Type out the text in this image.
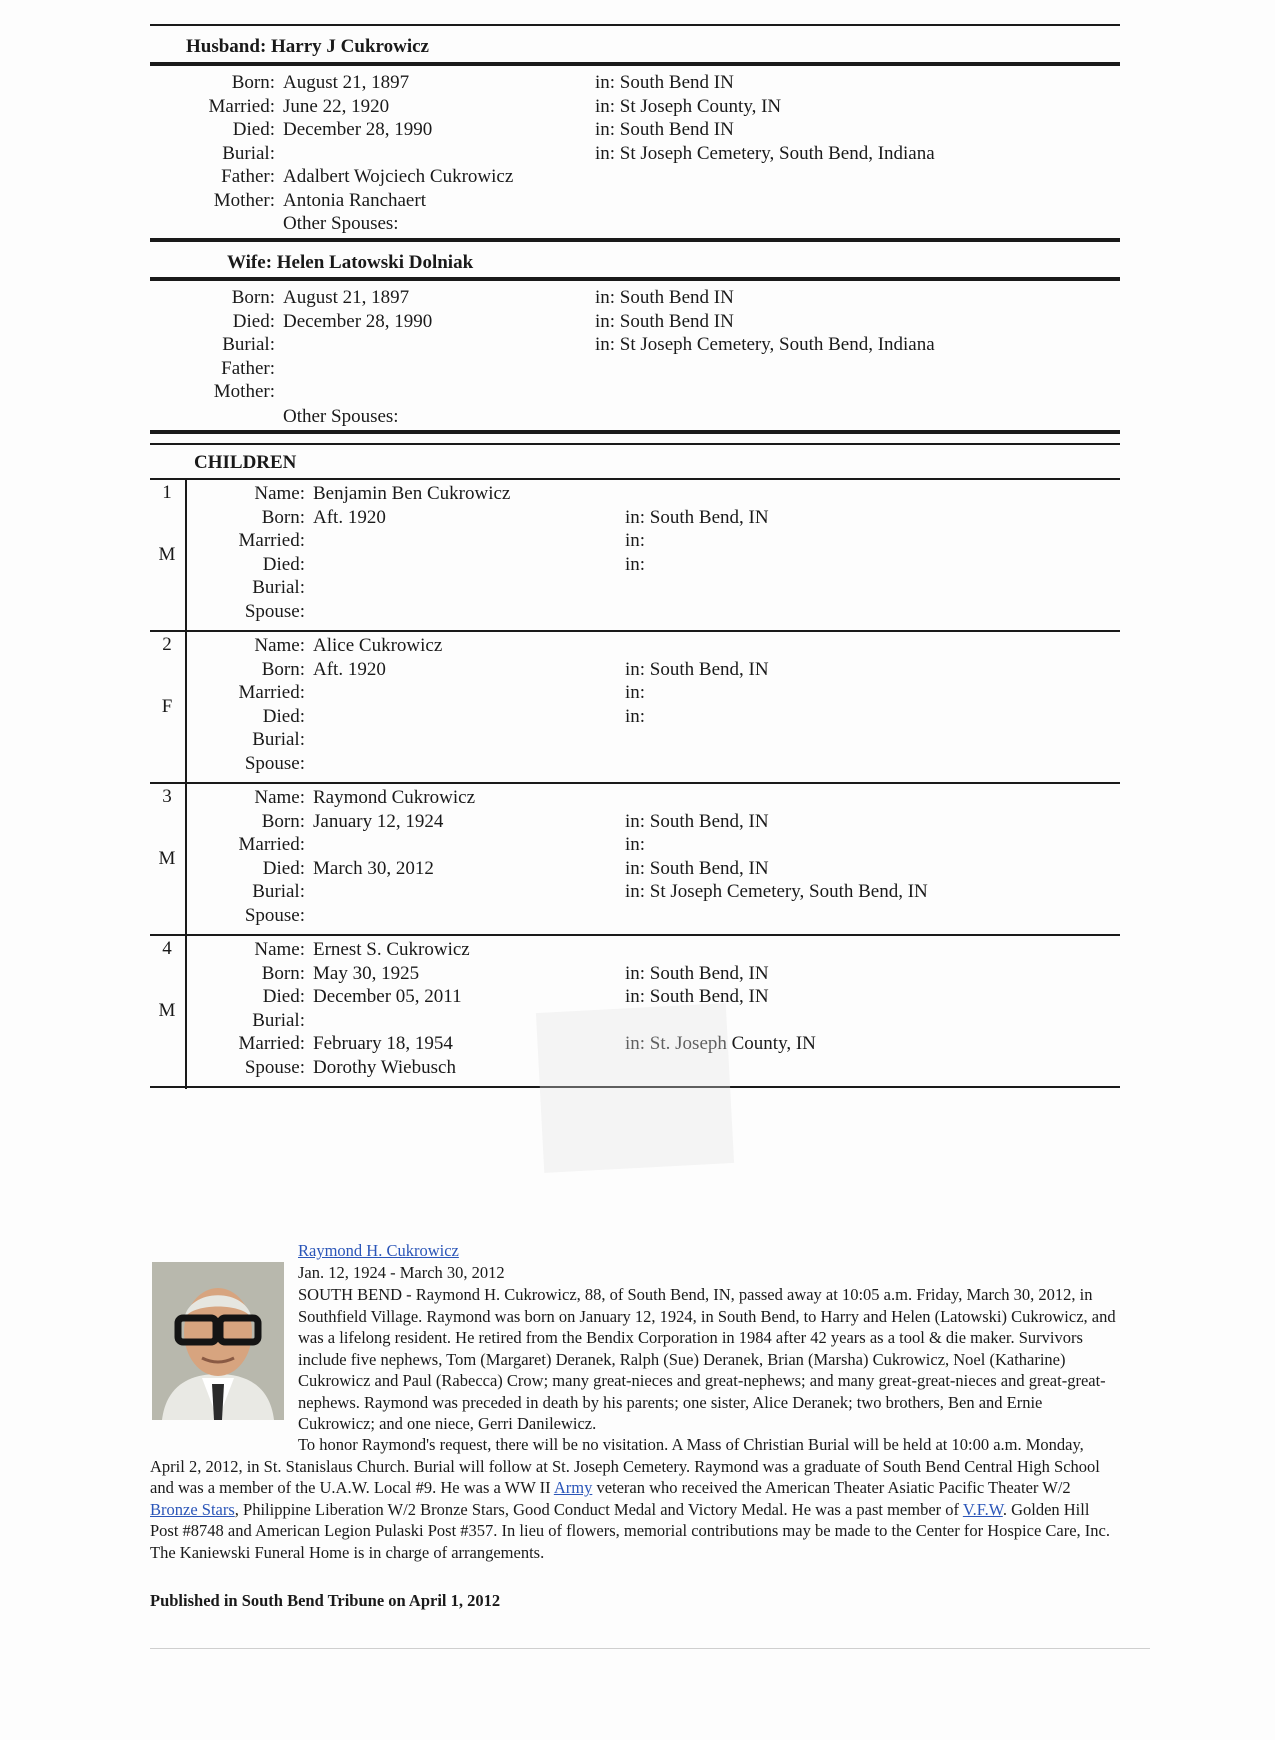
Husband: Harry J Cukrowicz
Born: August 21, 1897	in: South Bend IN
Married: June 22, 1920	in: St Joseph County, IN
Died: December 28, 1990	in: South Bend IN
Burial:	in: St Joseph Cemetery, South Bend, Indiana
Father: Adalbert Wojciech Cukrowicz
Mother: Antonia Ranchaert
Other Spouses:
Wife: Helen Latowski Dolniak
Born: August 21, 1897	in: South Bend IN
Died: December 28, 1990	in: South Bend IN
Burial:	in: St Joseph Cemetery, South Bend, Indiana
Father:
Mother:
Other Spouses:
CHILDREN
1
M
Name: Benjamin Ben Cukrowicz
Born: Aft. 1920	in: South Bend, IN
Married:	in:
Died:	in:
Burial:
Spouse:
2
F
Name: Alice Cukrowicz
Born: Aft. 1920	in: South Bend, IN
Married:	in:
Died:	in:
Burial:
Spouse:
3
M
Name: Raymond Cukrowicz
Born: January 12, 1924	in: South Bend, IN
Married:	in:
Died: March 30, 2012	in: South Bend, IN
Burial:	in: St Joseph Cemetery, South Bend, IN
Spouse:
4
M
Name: Ernest S. Cukrowicz
Born: May 30, 1925	in: South Bend, IN
Died: December 05, 2011	in: South Bend, IN
Burial:
Married: February 18, 1954	in: St. Joseph County, IN
Spouse: Dorothy Wiebusch
Raymond H. Cukrowicz
Jan. 12, 1924 - March 30, 2012
SOUTH BEND - Raymond H. Cukrowicz, 88, of South Bend, IN, passed away at 10:05 a.m. Friday, March 30, 2012, in Southfield Village. Raymond was born on January 12, 1924, in South Bend, to Harry and Helen (Latowski) Cukrowicz, and was a lifelong resident. He retired from the Bendix Corporation in 1984 after 42 years as a tool & die maker. Survivors include five nephews, Tom (Margaret) Deranek, Ralph (Sue) Deranek, Brian (Marsha) Cukrowicz, Noel (Katharine) Cukrowicz and Paul (Rabecca) Crow; many great-nieces and great-nephews; and many great-great-nieces and great-great-nephews. Raymond was preceded in death by his parents; one sister, Alice Deranek; two brothers, Ben and Ernie Cukrowicz; and one niece, Gerri Danilewicz.
To honor Raymond's request, there will be no visitation. A Mass of Christian Burial will be held at 10:00 a.m. Monday, April 2, 2012, in St. Stanislaus Church. Burial will follow at St. Joseph Cemetery. Raymond was a graduate of South Bend Central High School and was a member of the U.A.W. Local #9. He was a WW II Army veteran who received the American Theater Asiatic Pacific Theater W/2 Bronze Stars, Philippine Liberation W/2 Bronze Stars, Good Conduct Medal and Victory Medal. He was a past member of V.F.W. Golden Hill Post #8748 and American Legion Pulaski Post #357. In lieu of flowers, memorial contributions may be made to the Center for Hospice Care, Inc. The Kaniewski Funeral Home is in charge of arrangements.
Published in South Bend Tribune on April 1, 2012
